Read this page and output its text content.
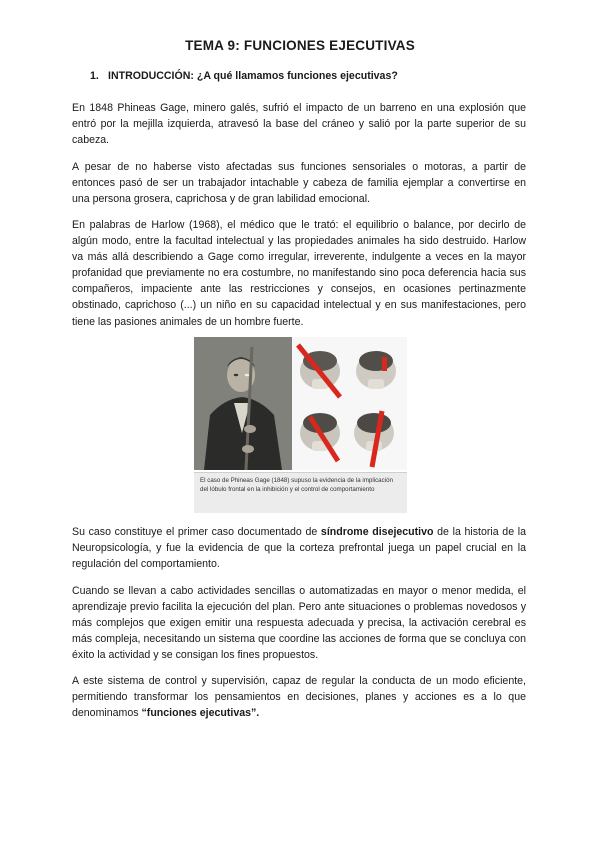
TEMA 9: FUNCIONES EJECUTIVAS
1. INTRODUCCIÓN: ¿A qué llamamos funciones ejecutivas?

En 1848 Phineas Gage, minero galés, sufrió el impacto de un barreno en una explosión que entró por la mejilla izquierda, atravesó la base del cráneo y salió por la parte superior de su cabeza.

A pesar de no haberse visto afectadas sus funciones sensoriales o motoras, a partir de entonces pasó de ser un trabajador intachable y cabeza de familia ejemplar a convertirse en una persona grosera, caprichosa y de gran labilidad emocional.

En palabras de Harlow (1968), el médico que le trató: el equilibrio o balance, por decirlo de algún modo, entre la facultad intelectual y las propiedades animales ha sido destruido. Harlow va más allá describiendo a Gage como irregular, irreverente, indulgente a veces en la mayor profanidad que previamente no era costumbre, no manifestando sino poca deferencia hacia sus compañeros, impaciente ante las restricciones y consejos, en ocasiones pertinazmente obstinado, caprichoso (...) un niño en su capacidad intelectual y en sus manifestaciones, pero tiene las pasiones animales de un hombre fuerte.

El caso de Phineas Gage (1848) supuso la evidencia de la implicación del lóbulo frontal en la inhibición y el control de comportamiento

Su caso constituye el primer caso documentado de síndrome disejecutivo de la historia de la Neuropsicología, y fue la evidencia de que la corteza prefrontal juega un papel crucial en la regulación del comportamiento.

Cuando se llevan a cabo actividades sencillas o automatizadas en mayor o menor medida, el aprendizaje previo facilita la ejecución del plan. Pero ante situaciones o problemas novedosos y más complejos que exigen emitir una respuesta adecuada y precisa, la activación cerebral es más compleja, necesitando un sistema que coordine las acciones de forma que se concluya con éxito la actividad y se consigan los fines propuestos.

A este sistema de control y supervisión, capaz de regular la conducta de un modo eficiente, permitiendo transformar los pensamientos en decisiones, planes y acciones es a lo que denominamos “funciones ejecutivas”.
